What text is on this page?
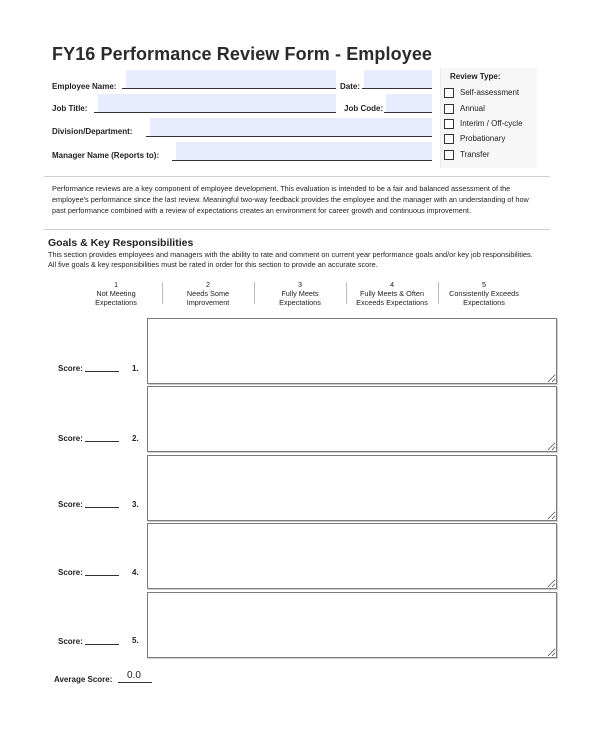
FY16 Performance Review Form - Employee
Employee Name:	Date:
Job Title:	Job Code:
Division/Department:
Manager Name (Reports to):
Review Type:
Self-assessment
Annual
Interim / Off-cycle
Probationary
Transfer
Performance reviews are a key component of employee development. This evaluation is intended to be a fair and balanced assessment of the employee's performance since the last review. Meaningful two-way feedback provides the employee and the manager with an understanding of how past performance combined with a review of expectations creates an environment for career growth and continuous improvement.
Goals & Key Responsibilities
This section provides employees and managers with the ability to rate and comment on current year performance goals and/or key job responsibilities. All five goals & key responsibilities must be rated in order for this section to provide an accurate score.
1
Not Meeting
Expectations
2
Needs Some
Improvement
3
Fully Meets
Expectations
4
Fully Meets & Often
Exceeds Expectations
5
Consistently Exceeds
Expectations
Score:	1.
Score:	2.
Score:	3.
Score:	4.
Score:	5.
Average Score: 0.0
